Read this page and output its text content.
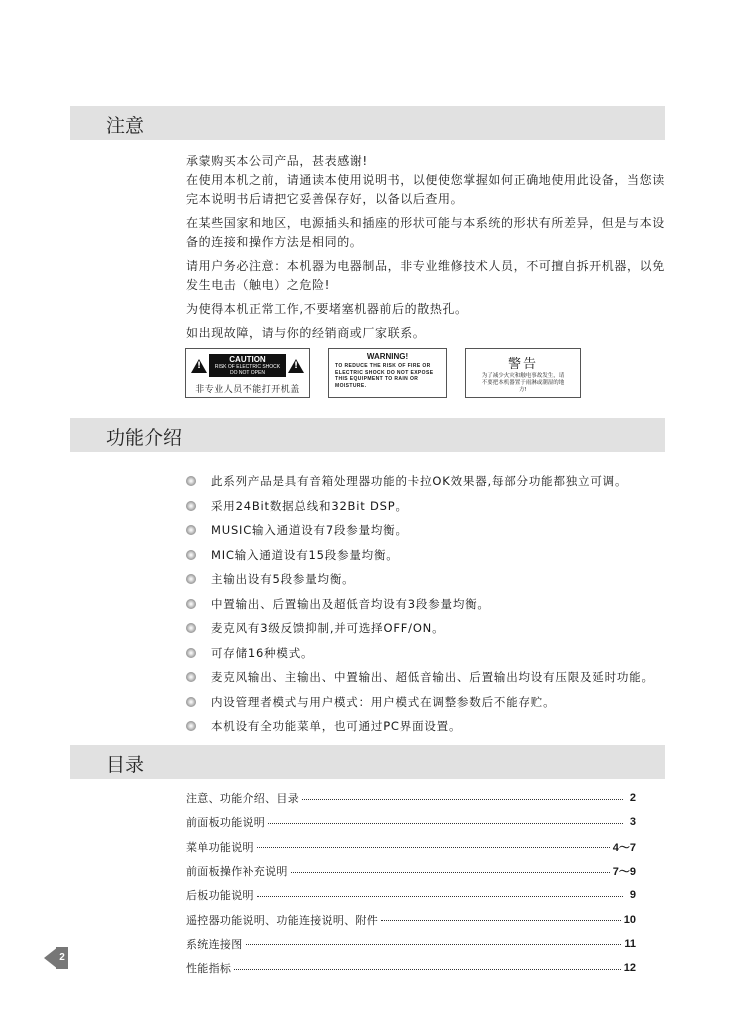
注意

承蒙购买本公司产品，甚表感谢!

在使用本机之前，请通读本使用说明书，以便使您掌握如何正确地使用此设备，当您读完本说明书后请把它妥善保存好，以备以后查用。

在某些国家和地区，电源插头和插座的形状可能与本系统的形状有所差异，但是与本设备的连接和操作方法是相同的。

请用户务必注意：本机器为电器制品，非专业维修技术人员，不可擅自拆开机器，以免发生电击（触电）之危险!

为使得本机正常工作,不要堵塞机器前后的散热孔。

如出现故障，请与你的经销商或厂家联系。

!
CAUTION
RISK OF ELECTRIC SHOCK
DO NOT OPEN
!
非专业人员不能打开机盖
WARNING!
TO REDUCE THE RISK OF FIRE OR ELECTRIC SHOCK DO NOT EXPOSE THIS EQUIPMENT TO RAIN OR MOISTURE.
警告
为了减少火灾和触电事故发生，请不要把本机器置于雨淋或潮湿的地方!
功能介绍
此系列产品是具有音箱处理器功能的卡拉OK效果器,每部分功能都独立可调。
采用24Bit数据总线和32Bit DSP。
MUSIC输入通道设有7段参量均衡。
MIC输入通道设有15段参量均衡。
主输出设有5段参量均衡。
中置输出、后置输出及超低音均设有3段参量均衡。
麦克风有3级反馈抑制,并可选择OFF/ON。
可存储16种模式。
麦克风输出、主输出、中置输出、超低音输出、后置输出均设有压限及延时功能。
内设管理者模式与用户模式：用户模式在调整参数后不能存贮。
本机设有全功能菜单，也可通过PC界面设置。
目录
注意、功能介绍、目录	2
前面板功能说明	3
菜单功能说明	4～7
前面板操作补充说明	7～9
后板功能说明	9
遥控器功能说明、功能连接说明、附件	10
系统连接图	11
性能指标	12
2
